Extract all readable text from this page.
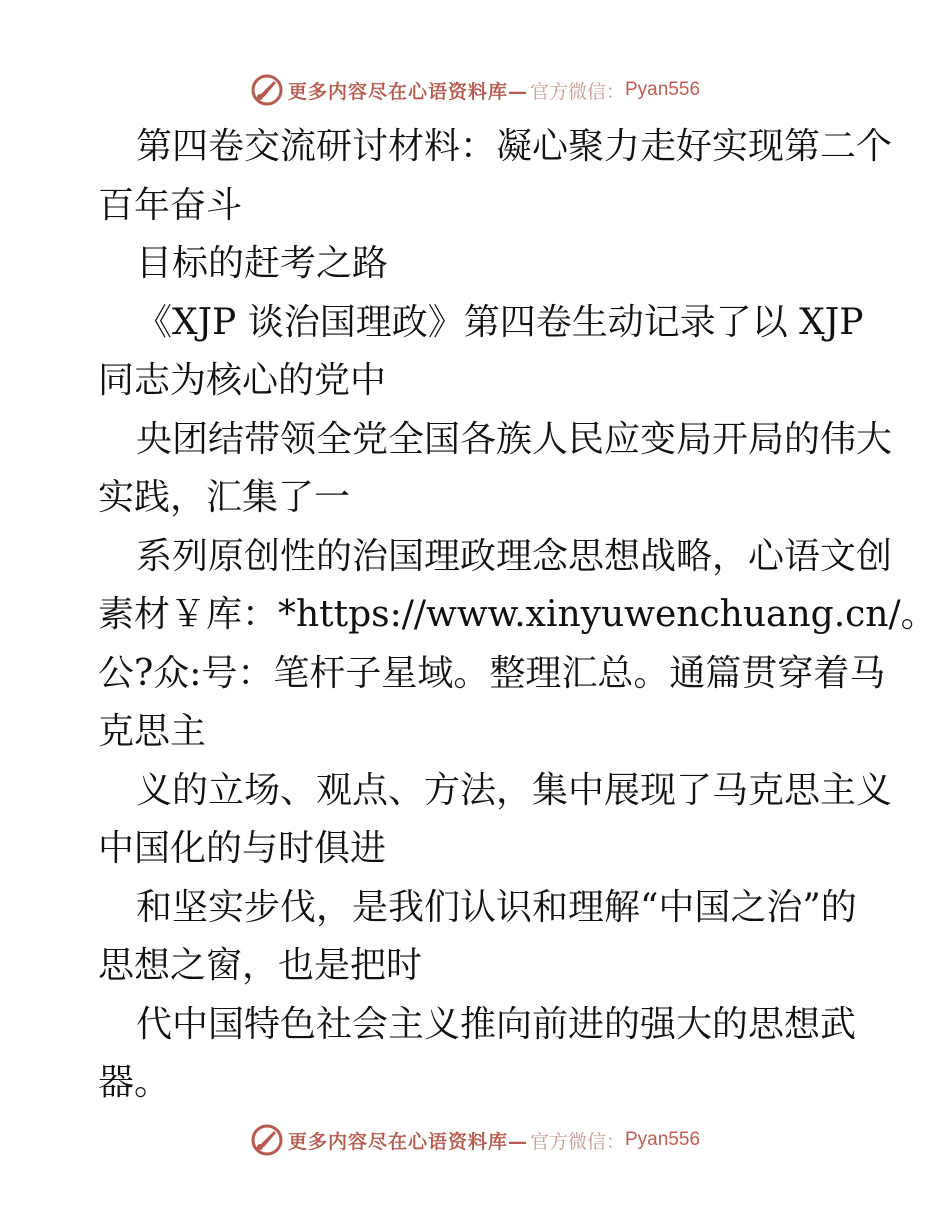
更多内容尽在心语资料库— 官方微信： Pyan556
第四卷交流研讨材料：凝心聚力走好实现第二个
百年奋斗
目标的赶考之路
《XJP 谈治国理政》第四卷生动记录了以 XJP
同志为核心的党中
央团结带领全党全国各族人民应变局开局的伟大
实践，汇集了一
系列原创性的治国理政理念思想战略，心语文创
素材￥库：*https://www.xinyuwenchuang.cn/。
公?众:号：笔杆子星域。整理汇总。通篇贯穿着马
克思主
义的立场、观点、方法，集中展现了马克思主义
中国化的与时俱进
和坚实步伐，是我们认识和理解“中国之治”的
思想之窗，也是把时
代中国特色社会主义推向前进的强大的思想武
器。
更多内容尽在心语资料库— 官方微信： Pyan556
